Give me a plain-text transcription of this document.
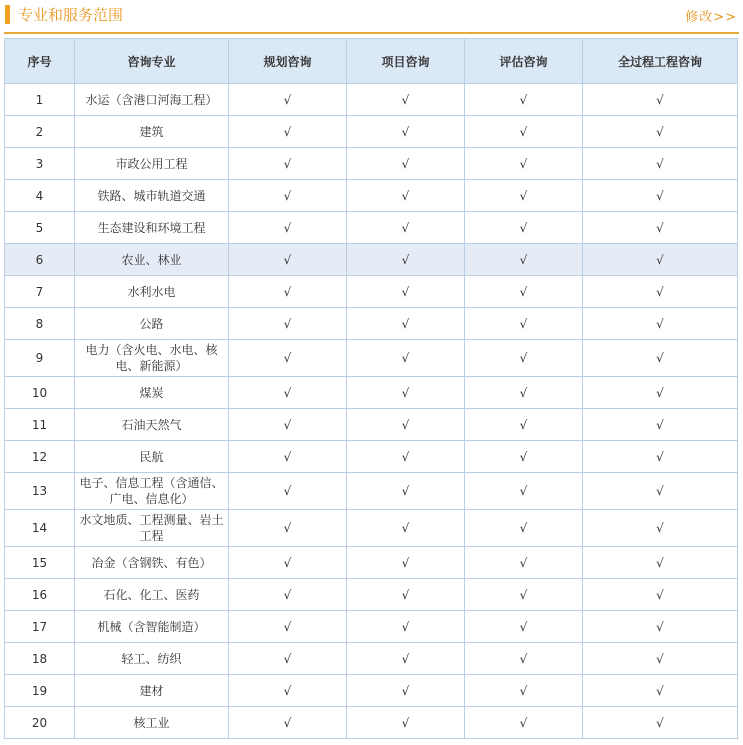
专业和服务范围	修改>>
序号	咨询专业	规划咨询	项目咨询	评估咨询	全过程工程咨询
1	水运（含港口河海工程）	√	√	√	√
2	建筑	√	√	√	√
3	市政公用工程	√	√	√	√
4	铁路、城市轨道交通	√	√	√	√
5	生态建设和环境工程	√	√	√	√
6	农业、林业	√	√	√	√
7	水利水电	√	√	√	√
8	公路	√	√	√	√
9	电力（含火电、水电、核电、新能源）	√	√	√	√
10	煤炭	√	√	√	√
11	石油天然气	√	√	√	√
12	民航	√	√	√	√
13	电子、信息工程（含通信、广电、信息化）	√	√	√	√
14	水文地质、工程测量、岩土工程	√	√	√	√
15	冶金（含钢铁、有色）	√	√	√	√
16	石化、化工、医药	√	√	√	√
17	机械（含智能制造）	√	√	√	√
18	轻工、纺织	√	√	√	√
19	建材	√	√	√	√
20	核工业	√	√	√	√
